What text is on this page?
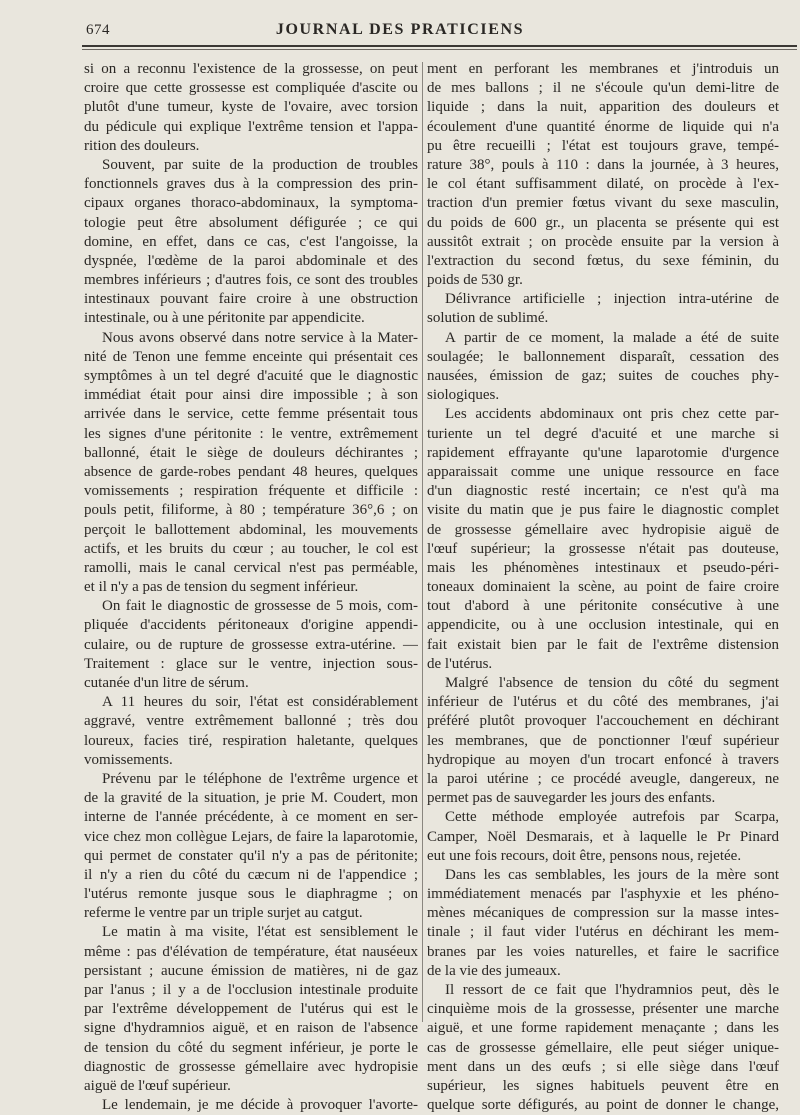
674	JOURNAL DES PRATICIENS
si on a reconnu l'existence de la grossesse, on peut
croire que cette grossesse est compliquée d'ascite ou
plutôt d'une tumeur, kyste de l'ovaire, avec torsion
du pédicule qui explique l'extrême tension et l'appa-
rition des douleurs.
Souvent, par suite de la production de troubles
fonctionnels graves dus à la compression des prin-
cipaux organes thoraco-abdominaux, la symptoma-
tologie peut être absolument défigurée ; ce qui
domine, en effet, dans ce cas, c'est l'angoisse, la
dyspnée, l'œdème de la paroi abdominale et des
membres inférieurs ; d'autres fois, ce sont des troubles
intestinaux pouvant faire croire à une obstruction
intestinale, ou à une péritonite par appendicite.
Nous avons observé dans notre service à la Mater-
nité de Tenon une femme enceinte qui présentait ces
symptômes à un tel degré d'acuité que le diagnostic
immédiat était pour ainsi dire impossible ; à son
arrivée dans le service, cette femme présentait tous
les signes d'une péritonite : le ventre, extrêmement
ballonné, était le siège de douleurs déchirantes ;
absence de garde-robes pendant 48 heures, quelques
vomissements ; respiration fréquente et difficile :
pouls petit, filiforme, à 80 ; température 36°,6 ; on
perçoit le ballottement abdominal, les mouvements
actifs, et les bruits du cœur ; au toucher, le col est
ramolli, mais le canal cervical n'est pas perméable,
et il n'y a pas de tension du segment inférieur.
On fait le diagnostic de grossesse de 5 mois, com-
pliquée d'accidents péritoneaux d'origine appendi-
culaire, ou de rupture de grossesse extra-utérine. —
Traitement : glace sur le ventre, injection sous-
cutanée d'un litre de sérum.
A 11 heures du soir, l'état est considérablement
aggravé, ventre extrêmement ballonné ; très dou
loureux, facies tiré, respiration haletante, quelques
vomissements.
Prévenu par le téléphone de l'extrême urgence et
de la gravité de la situation, je prie M. Coudert, mon
interne de l'année précédente, à ce moment en ser-
vice chez mon collègue Lejars, de faire la laparotomie,
qui permet de constater qu'il n'y a pas de péritonite;
il n'y a rien du côté du cæcum ni de l'appendice ;
l'utérus remonte jusque sous le diaphragme ; on
referme le ventre par un triple surjet au catgut.
Le matin à ma visite, l'état est sensiblement le
même : pas d'élévation de température, état nauséeux
persistant ; aucune émission de matières, ni de gaz
par l'anus ; il y a de l'occlusion intestinale produite
par l'extrême développement de l'utérus qui est le
signe d'hydramnios aiguë, et en raison de l'absence
de tension du côté du segment inférieur, je porte le
diagnostic de grossesse gémellaire avec hydropisie
aiguë de l'œuf supérieur.
Le lendemain, je me décide à provoquer l'avorte-
ment en perforant les membranes et j'introduis un
de mes ballons ; il ne s'écoule qu'un demi-litre de
liquide ; dans la nuit, apparition des douleurs et
écoulement d'une quantité énorme de liquide qui n'a
pu être recueilli ; l'état est toujours grave, tempé-
rature 38°, pouls à 110 : dans la journée, à 3 heures,
le col étant suffisamment dilaté, on procède à l'ex-
traction d'un premier fœtus vivant du sexe masculin,
du poids de 600 gr., un placenta se présente qui est
aussitôt extrait ; on procède ensuite par la version à
l'extraction du second fœtus, du sexe féminin, du
poids de 530 gr.
Délivrance artificielle ; injection intra-utérine de
solution de sublimé.
A partir de ce moment, la malade a été de suite
soulagée; le ballonnement disparaît, cessation des
nausées, émission de gaz; suites de couches phy-
siologiques.
Les accidents abdominaux ont pris chez cette par-
turiente un tel degré d'acuité et une marche si
rapidement effrayante qu'une laparotomie d'urgence
apparaissait comme une unique ressource en face
d'un diagnostic resté incertain; ce n'est qu'à ma
visite du matin que je pus faire le diagnostic complet
de grossesse gémellaire avec hydropisie aiguë de
l'œuf supérieur; la grossesse n'était pas douteuse,
mais les phénomènes intestinaux et pseudo-péri-
toneaux dominaient la scène, au point de faire croire
tout d'abord à une péritonite consécutive à une
appendicite, ou à une occlusion intestinale, qui en
fait existait bien par le fait de l'extrême distension
de l'utérus.
Malgré l'absence de tension du côté du segment
inférieur de l'utérus et du côté des membranes, j'ai
préféré plutôt provoquer l'accouchement en déchirant
les membranes, que de ponctionner l'œuf supérieur
hydropique au moyen d'un trocart enfoncé à travers
la paroi utérine ; ce procédé aveugle, dangereux, ne
permet pas de sauvegarder les jours des enfants.
Cette méthode employée autrefois par Scarpa,
Camper, Noël Desmarais, et à laquelle le Pr Pinard
eut une fois recours, doit être, pensons nous, rejetée.
Dans les cas semblables, les jours de la mère sont
immédiatement menacés par l'asphyxie et les phéno-
mènes mécaniques de compression sur la masse intes-
tinale ; il faut vider l'utérus en déchirant les mem-
branes par les voies naturelles, et faire le sacrifice
de la vie des jumeaux.
Il ressort de ce fait que l'hydramnios peut, dès le
cinquième mois de la grossesse, présenter une marche
aiguë, et une forme rapidement menaçante ; dans les
cas de grossesse gémellaire, elle peut siéger unique-
ment dans un des œufs ; si elle siège dans l'œuf
supérieur, les signes habituels peuvent être en
quelque sorte défigurés, au point de donner le change,
